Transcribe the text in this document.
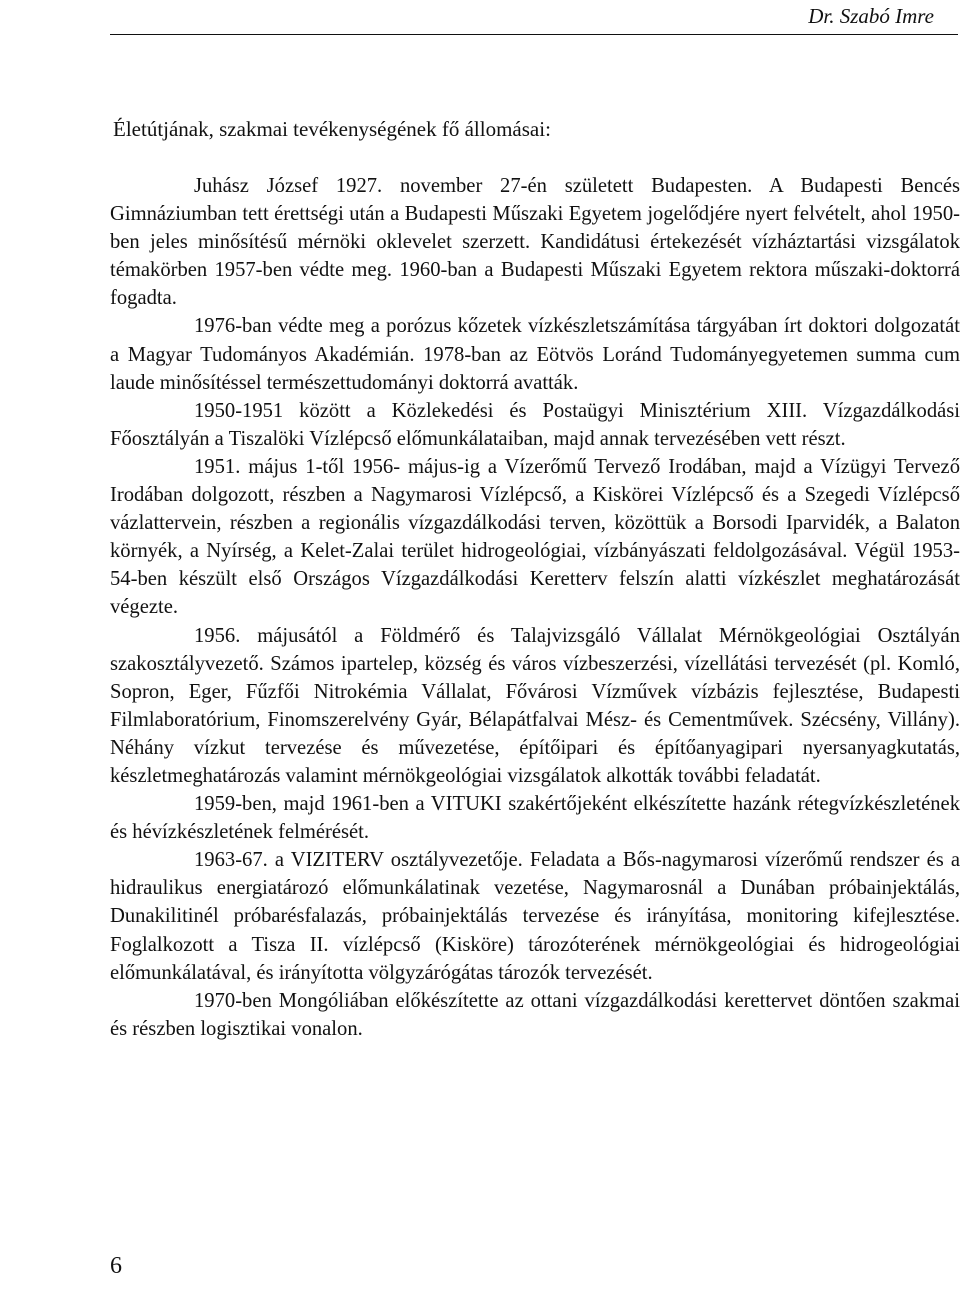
Dr. Szabó Imre
Életútjának, szakmai tevékenységének fő állomásai:

Juhász József 1927. november 27-én született Budapesten. A Budapesti Bencés Gimnáziumban tett érettségi után a Budapesti Műszaki Egyetem jogelődjére nyert felvételt, ahol 1950-ben jeles minősítésű mérnöki oklevelet szerzett. Kandidátusi értekezését vízháztartási vizsgálatok témakörben 1957-ben védte meg. 1960-ban a Budapesti Műszaki Egyetem rektora műszaki-doktorrá fogadta.

1976-ban védte meg a porózus kőzetek vízkészletszámítása tárgyában írt doktori dolgozatát a Magyar Tudományos Akadémián. 1978-ban az Eötvös Loránd Tudományegyetemen summa cum laude minősítéssel természettudományi doktorrá avatták.

1950-1951 között a Közlekedési és Postaügyi Minisztérium XIII. Vízgazdálkodási Főosztályán a Tiszalöki Vízlépcső előmunkálataiban, majd annak tervezésében vett részt.

1951. május 1-től 1956- május-ig a Vízerőmű Tervező Irodában, majd a Vízügyi Tervező Irodában dolgozott, részben a Nagymarosi Vízlépcső, a Kiskörei Vízlépcső és a Szegedi Vízlépcső vázlattervein, részben a regionális vízgazdálkodási terven, közöttük a Borsodi Iparvidék, a Balaton környék, a Nyírség, a Kelet-Zalai terület hidrogeológiai, vízbányászati feldolgozásával. Végül 1953-54-ben készült első Országos Vízgazdálkodási Keretterv felszín alatti vízkészlet meghatározását végezte.

1956. májusától a Földmérő és Talajvizsgáló Vállalat Mérnökgeológiai Osztályán szakosztályvezető. Számos ipartelep, község és város vízbeszerzési, vízellátási tervezését (pl. Komló, Sopron, Eger, Fűzfői Nitrokémia Vállalat, Fővárosi Vízművek vízbázis fejlesztése, Budapesti Filmlaboratórium, Finomszerelvény Gyár, Bélapátfalvai Mész- és Cementművek. Szécsény, Villány). Néhány vízkut tervezése és művezetése, építőipari és építőanyagipari nyersanyagkutatás, készletmeghatározás valamint mérnökgeológiai vizsgálatok alkották további feladatát.

1959-ben, majd 1961-ben a VITUKI szakértőjeként elkészítette hazánk rétegvízkészletének és hévízkészletének felmérését.

1963-67. a VIZITERV osztályvezetője. Feladata a Bős-nagymarosi vízerőmű rendszer és a hidraulikus energiatározó előmunkálatinak vezetése, Nagymarosnál a Dunában próbainjektálás, Dunakilitinél próbarésfalazás, próbainjektálás tervezése és irányítása, monitoring kifejlesztése. Foglalkozott a Tisza II. vízlépcső (Kisköre) tározóterének mérnökgeológiai és hidrogeológiai előmunkálatával, és irányította völgyzárógátas tározók tervezését.

1970-ben Mongóliában előkészítette az ottani vízgazdálkodási kerettervet döntően szakmai és részben logisztikai vonalon.

6
